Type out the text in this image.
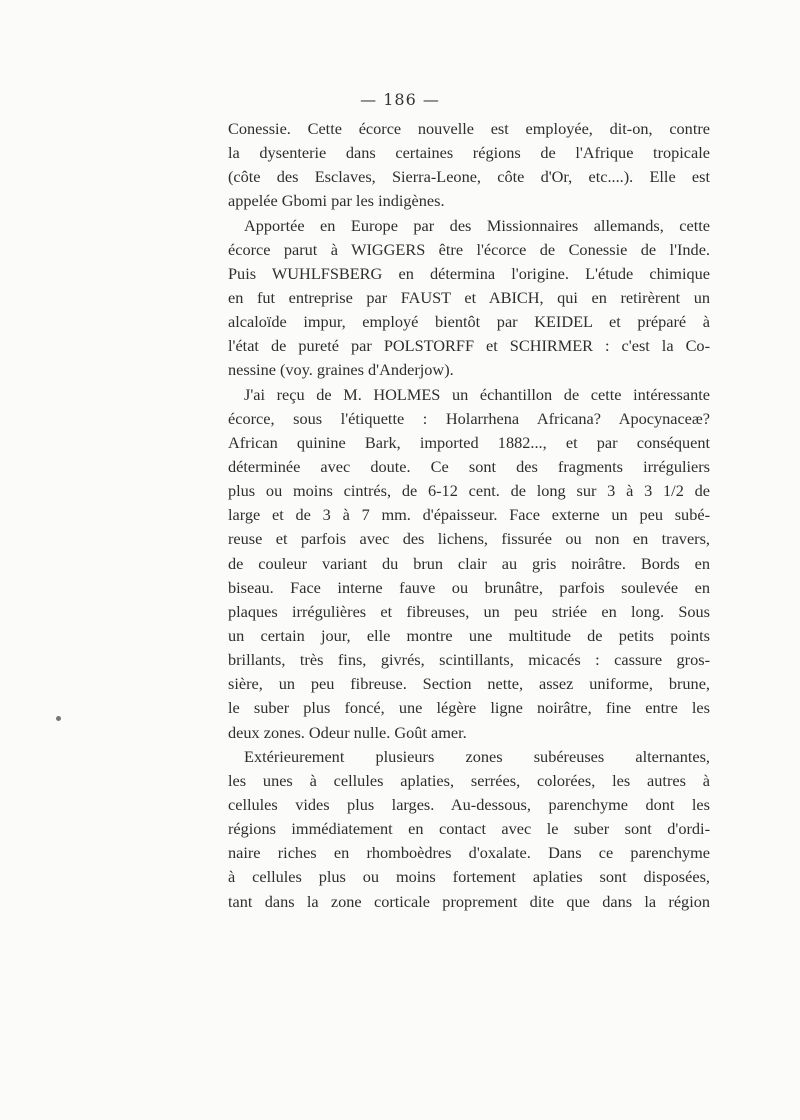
— 186 —
Conessie. Cette écorce nouvelle est employée, dit-on, contre
la dysenterie dans certaines régions de l'Afrique tropicale
(côte des Esclaves, Sierra-Leone, côte d'Or, etc....). Elle est
appelée Gbomi par les indigènes.
Apportée en Europe par des Missionnaires allemands, cette
écorce parut à WIGGERS être l'écorce de Conessie de l'Inde.
Puis WUHLFSBERG en détermina l'origine. L'étude chimique
en fut entreprise par FAUST et ABICH, qui en retirèrent un
alcaloïde impur, employé bientôt par KEIDEL et préparé à
l'état de pureté par POLSTORFF et SCHIRMER : c'est la Co-
nessine (voy. graines d'Anderjow).
J'ai reçu de M. HOLMES un échantillon de cette intéressante
écorce, sous l'étiquette : Holarrhena Africana? Apocynaceæ?
African quinine Bark, imported 1882..., et par conséquent
déterminée avec doute. Ce sont des fragments irréguliers
plus ou moins cintrés, de 6-12 cent. de long sur 3 à 3 1/2 de
large et de 3 à 7 mm. d'épaisseur. Face externe un peu subé-
reuse et parfois avec des lichens, fissurée ou non en travers,
de couleur variant du brun clair au gris noirâtre. Bords en
biseau. Face interne fauve ou brunâtre, parfois soulevée en
plaques irrégulières et fibreuses, un peu striée en long. Sous
un certain jour, elle montre une multitude de petits points
brillants, très fins, givrés, scintillants, micacés : cassure gros-
sière, un peu fibreuse. Section nette, assez uniforme, brune,
le suber plus foncé, une légère ligne noirâtre, fine entre les
deux zones. Odeur nulle. Goût amer.
Extérieurement plusieurs zones subéreuses alternantes,
les unes à cellules aplaties, serrées, colorées, les autres à
cellules vides plus larges. Au-dessous, parenchyme dont les
régions immédiatement en contact avec le suber sont d'ordi-
naire riches en rhomboèdres d'oxalate. Dans ce parenchyme
à cellules plus ou moins fortement aplaties sont disposées,
tant dans la zone corticale proprement dite que dans la région
